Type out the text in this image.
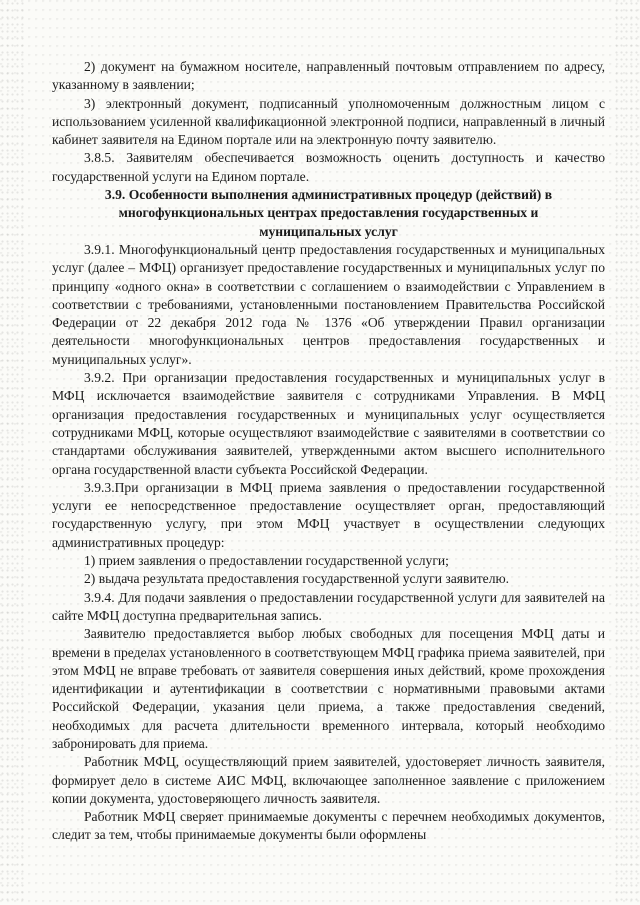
2) документ на бумажном носителе, направленный почтовым отправлением по адресу, указанному в заявлении;

3) электронный документ, подписанный уполномоченным должностным лицом с использованием усиленной квалификационной электронной подписи, направленный в личный кабинет заявителя на Едином портале или на электронную почту заявителю.

3.8.5. Заявителям обеспечивается возможность оценить доступность и качество государственной услуги на Едином портале.

3.9. Особенности выполнения административных процедур (действий) в многофункциональных центрах предоставления государственных и муниципальных услуг

3.9.1. Многофункциональный центр предоставления государственных и муниципальных услуг (далее – МФЦ) организует предоставление государственных и муниципальных услуг по принципу «одного окна» в соответствии с соглашением о взаимодействии с Управлением в соответствии с требованиями, установленными постановлением Правительства Российской Федерации от 22 декабря 2012 года № 1376 «Об утверждении Правил организации деятельности многофункциональных центров предоставления государственных и муниципальных услуг».

3.9.2. При организации предоставления государственных и муниципальных услуг в МФЦ исключается взаимодействие заявителя с сотрудниками Управления. В МФЦ организация предоставления государственных и муниципальных услуг осуществляется сотрудниками МФЦ, которые осуществляют взаимодействие с заявителями в соответствии со стандартами обслуживания заявителей, утвержденными актом высшего исполнительного органа государственной власти субъекта Российской Федерации.

3.9.3.При организации в МФЦ приема заявления о предоставлении государственной услуги ее непосредственное предоставление осуществляет орган, предоставляющий государственную услугу, при этом МФЦ участвует в осуществлении следующих административных процедур:

1) прием заявления о предоставлении государственной услуги;

2) выдача результата предоставления государственной услуги заявителю.

3.9.4. Для подачи заявления о предоставлении государственной услуги для заявителей на сайте МФЦ доступна предварительная запись.

Заявителю предоставляется выбор любых свободных для посещения МФЦ даты и времени в пределах установленного в соответствующем МФЦ графика приема заявителей, при этом МФЦ не вправе требовать от заявителя совершения иных действий, кроме прохождения идентификации и аутентификации в соответствии с нормативными правовыми актами Российской Федерации, указания цели приема, а также предоставления сведений, необходимых для расчета длительности временного интервала, который необходимо забронировать для приема.

Работник МФЦ, осуществляющий прием заявителей, удостоверяет личность заявителя, формирует дело в системе АИС МФЦ, включающее заполненное заявление с приложением копии документа, удостоверяющего личность заявителя.

Работник МФЦ сверяет принимаемые документы с перечнем необходимых документов, следит за тем, чтобы принимаемые документы были оформлены
